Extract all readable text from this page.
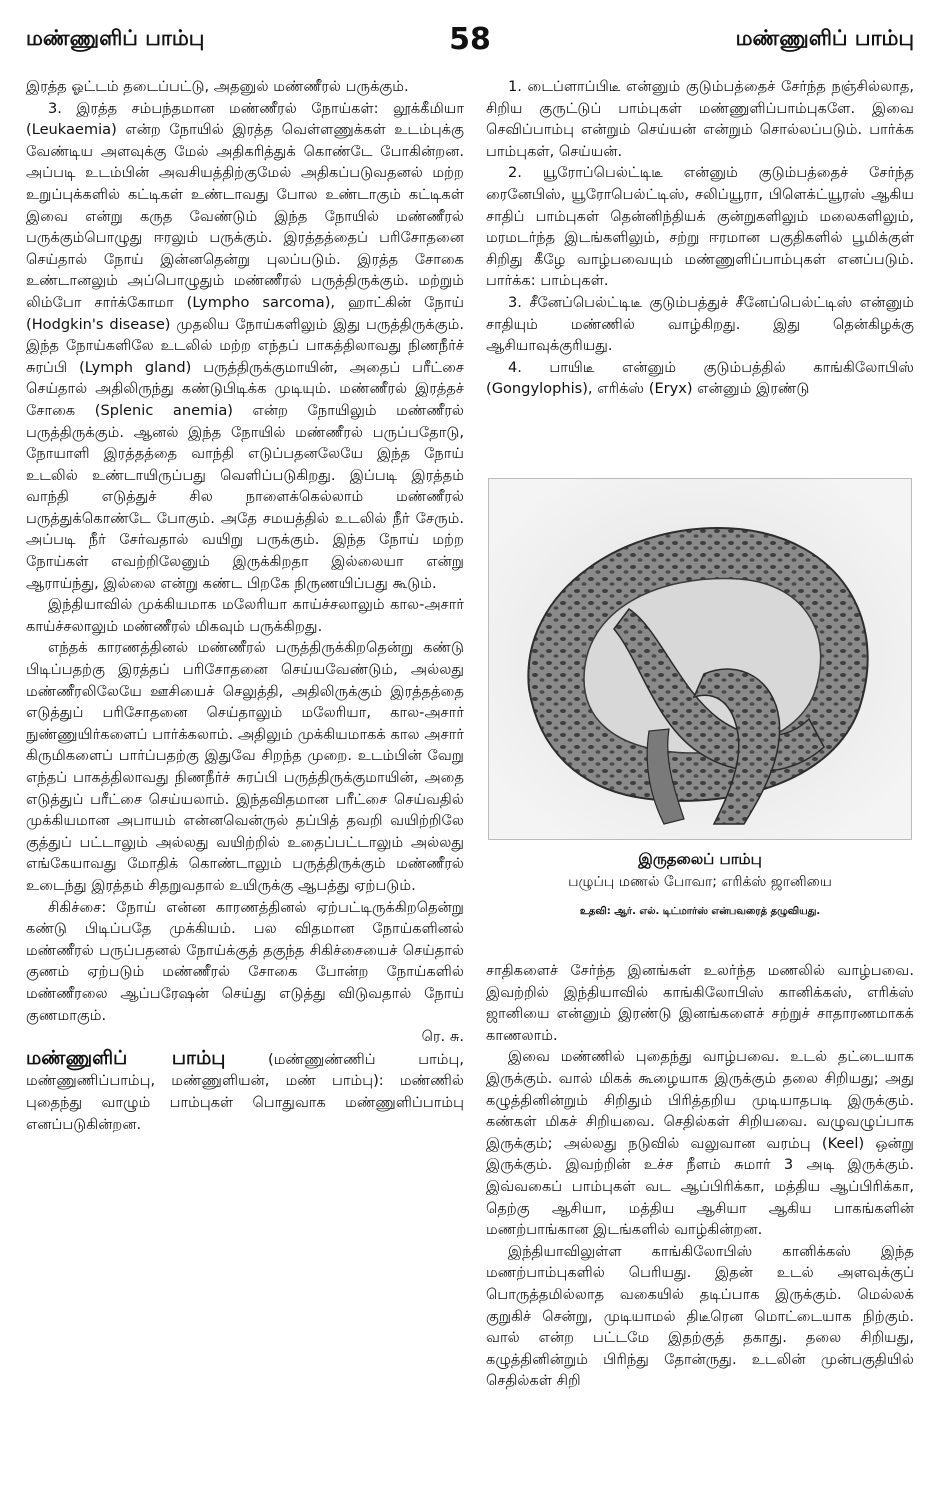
மண்ணுளிப் பாம்பு	58	மண்ணுளிப் பாம்பு

இரத்த ஓட்டம் தடைப்பட்டு, அதனுல் மண்ணீரல் பருக்கும்.

3. இரத்த சம்பந்தமான மண்ணீரல் நோய்கள்: லூக்கீமியா (Leukaemia) என்ற நோயில் இரத்த வெள்ளணுக்கள் உடம்புக்கு வேண்டிய அளவுக்கு மேல் அதிகரித்துக் கொண்டே போகின்றன. அப்படி உடம்பின் அவசியத்திற்குமேல் அதிகப்படுவதனல் மற்ற உறுப்புக்களில் கட்டிகள் உண்டாவது போல உண்டாகும் கட்டிகள் இவை என்று கருத வேண்டும் இந்த நோயில் மண்ணீரல் பருக்கும்பொழுது ஈரலும் பருக்கும். இரத்தத்தைப் பரிசோதனை செய்தால் நோய் இன்னதென்று புலப்படும். இரத்த சோகை உண்டானலும் அப்பொழுதும் மண்ணீரல் பருத்திருக்கும். மற்றும் லிம்போ சார்க்கோமா (Lympho sarcoma), ஹாட்கின் நோய் (Hodgkin's disease) முதலிய நோய்களிலும் இது பருத்திருக்கும். இந்த நோய்களிலே உடலில் மற்ற எந்தப் பாகத்திலாவது நிணநீர்ச் சுரப்பி (Lymph gland) பருத்திருக்குமாயின், அதைப் பரீட்சை செய்தால் அதிலிருந்து கண்டுபிடிக்க முடியும். மண்ணீரல் இரத்தச் சோகை (Splenic anemia) என்ற நோயிலும் மண்ணீரல் பருத்திருக்கும். ஆனல் இந்த நோயில் மண்ணீரல் பருப்பதோடு, நோயாளி இரத்தத்தை வாந்தி எடுப்பதனலேயே இந்த நோய் உடலில் உண்டாயிருப்பது வெளிப்படுகிறது. இப்படி இரத்தம் வாந்தி எடுத்துச் சில நாளைக்கெல்லாம் மண்ணீரல் பருத்துக்கொண்டே போகும். அதே சமயத்தில் உடலில் நீர் சேரும். அப்படி நீர் சேர்வதால் வயிறு பருக்கும். இந்த நோய் மற்ற நோய்கள் எவற்றிலேனும் இருக்கிறதா இல்லையா என்று ஆராய்ந்து, இல்லை என்று கண்ட பிறகே நிருணயிப்பது கூடும்.

இந்தியாவில் முக்கியமாக மலேரியா காய்ச்சலாலும் கால-அசார் காய்ச்சலாலும் மண்ணீரல் மிகவும் பருக்கிறது.

எந்தக் காரணத்தினல் மண்ணீரல் பருத்திருக்கிறதென்று கண்டு பிடிப்பதற்கு இரத்தப் பரிசோதனை செய்யவேண்டும், அல்லது மண்ணீரலிலேயே ஊசியைச் செலுத்தி, அதிலிருக்கும் இரத்தத்தை எடுத்துப் பரிசோதனை செய்தாலும் மலேரியா, கால-அசார் நுண்ணுயிர்களைப் பார்க்கலாம். அதிலும் முக்கியமாகக் கால அசார் கிருமிகளைப் பார்ப்பதற்கு இதுவே சிறந்த முறை. உடம்பின் வேறு எந்தப் பாகத்திலாவது நிணநீர்ச் சுரப்பி பருத்திருக்குமாயின், அதை எடுத்துப் பரீட்சை செய்யலாம். இந்தவிதமான பரீட்சை செய்வதில் முக்கியமான அபாயம் என்னவென்ருல் தப்பித் தவறி வயிற்றிலே குத்துப் பட்டாலும் அல்லது வயிற்றில் உதைப்பட்டாலும் அல்லது எங்கேயாவது மோதிக் கொண்டாலும் பருத்திருக்கும் மண்ணீரல் உடைந்து இரத்தம் சிதறுவதால் உயிருக்கு ஆபத்து ஏற்படும்.

சிகிச்சை: நோய் என்ன காரணத்தினல் ஏற்பட்டிருக்கிறதென்று கண்டு பிடிப்பதே முக்கியம். பல விதமான நோய்களினல் மண்ணீரல் பருப்பதனல் நோய்க்குத் தகுந்த சிகிச்சையைச் செய்தால் குணம் ஏற்படும் மண்ணீரல் சோகை போன்ற நோய்களில் மண்ணீரலை ஆப்பரேஷன் செய்து எடுத்து விடுவதால் நோய் குணமாகும்.

ரெ. சு.

மண்ணுளிப் பாம்பு	(மண்ணுண்ணிப் பாம்பு, மண்ணுணிப்பாம்பு, மண்ணுளியன், மண் பாம்பு): மண்ணில் புதைந்து வாழும் பாம்புகள் பொதுவாக மண்ணுளிப்பாம்பு எனப்படுகின்றன.

1. டைப்ளாப்பிடீ என்னும் குடும்பத்தைச் சேர்ந்த நஞ்சில்லாத, சிறிய குருட்டுப் பாம்புகள் மண்ணுளிப்பாம்புகளே. இவை செவிப்பாம்பு என்றும் செய்யன் என்றும் சொல்லப்படும். பார்க்க பாம்புகள், செய்யன்.

2. யூரோப்பெல்ட்டிடீ என்னும் குடும்பத்தைச் சேர்ந்த ரைனேபிஸ், யூரோபெல்ட்டிஸ், சலிப்யூரா, பிளெக்ட்யூரஸ் ஆகிய சாதிப் பாம்புகள் தென்னிந்தியக் குன்றுகளிலும் மலைகளிலும், மரமடர்ந்த இடங்களிலும், சற்று ஈரமான பகுதிகளில் பூமிக்குள் சிறிது கீழே வாழ்பவையும் மண்ணுளிப்பாம்புகள் எனப்படும். பார்க்க: பாம்புகள்.

3. சீனேப்பெல்ட்டிடீ குடும்பத்துச் சீனேப்பெல்ட்டிஸ் என்னும் சாதியும் மண்ணில் வாழ்கிறது. இது தென்கிழக்கு ஆசியாவுக்குரியது.

4. பாயிடீ என்னும் குடும்பத்தில் காங்கிலோபிஸ் (Gongylophis), எரிக்ஸ் (Eryx) என்னும் இரண்டு

இருதலைப் பாம்பு
பழுப்பு மணல் போவா; எரிக்ஸ் ஜானியை
உதவி: ஆர். எல். டிட்மார்ஸ் என்பவரைத் தழுவியது.

சாதிகளைச் சேர்ந்த இனங்கள் உலர்ந்த மணலில் வாழ்பவை. இவற்றில் இந்தியாவில் காங்கிலோபிஸ் கானிக்கஸ், எரிக்ஸ் ஜானியை என்னும் இரண்டு இனங்களைச் சற்றுச் சாதாரணமாகக் காணலாம்.

இவை மண்ணில் புதைந்து வாழ்பவை. உடல் தட்டையாக இருக்கும். வால் மிகக் கூழையாக இருக்கும் தலை சிறியது; அது கழுத்தினின்றும் சிறிதும் பிரித்தறிய முடியாதபடி இருக்கும். கண்கள் மிகச் சிறியவை. செதில்கள் சிறியவை. வழுவழுப்பாக இருக்கும்; அல்லது நடுவில் வலுவான வரம்பு (Keel) ஒன்று இருக்கும். இவற்றின் உச்ச நீளம் சுமார் 3 அடி இருக்கும். இவ்வகைப் பாம்புகள் வட ஆப்பிரிக்கா, மத்திய ஆப்பிரிக்கா, தெற்கு ஆசியா, மத்திய ஆசியா ஆகிய பாகங்களின் மணற்பாங்கான இடங்களில் வாழ்கின்றன.

இந்தியாவிலுள்ள காங்கிலோபிஸ் கானிக்கஸ் இந்த மணற்பாம்புகளில் பெரியது. இதன் உடல் அளவுக்குப் பொருத்தமில்லாத வகையில் தடிப்பாக இருக்கும். மெல்லக் குறுகிச் சென்று, முடியாமல் திடீரென மொட்டையாக நிற்கும். வால் என்ற பட்டமே இதற்குத் தகாது. தலை சிறியது, கழுத்தினின்றும் பிரிந்து தோன்ருது. உடலின் முன்பகுதியில் செதில்கள் சிறி
